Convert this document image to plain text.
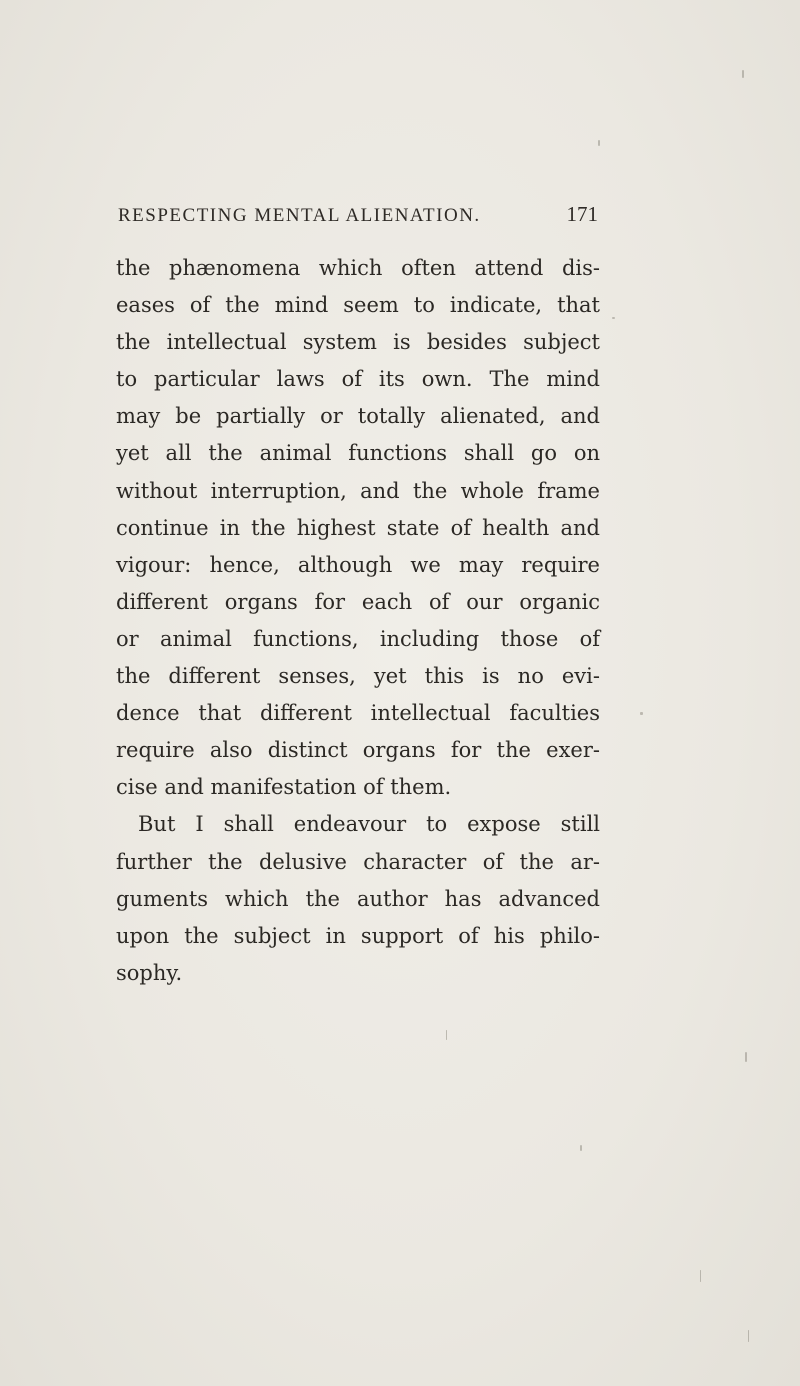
RESPECTING MENTAL ALIENATION.	171
the phænomena which often attend dis-
eases of the mind seem to indicate, that
the intellectual system is besides subject
to particular laws of its own. The mind
may be partially or totally alienated, and
yet all the animal functions shall go on
without interruption, and the whole frame
continue in the highest state of health and
vigour: hence, although we may require
different organs for each of our organic
or animal functions, including those of
the different senses, yet this is no evi-
dence that different intellectual faculties
require also distinct organs for the exer-
cise and manifestation of them.
But I shall endeavour to expose still
further the delusive character of the ar-
guments which the author has advanced
upon the subject in support of his philo-
sophy.
